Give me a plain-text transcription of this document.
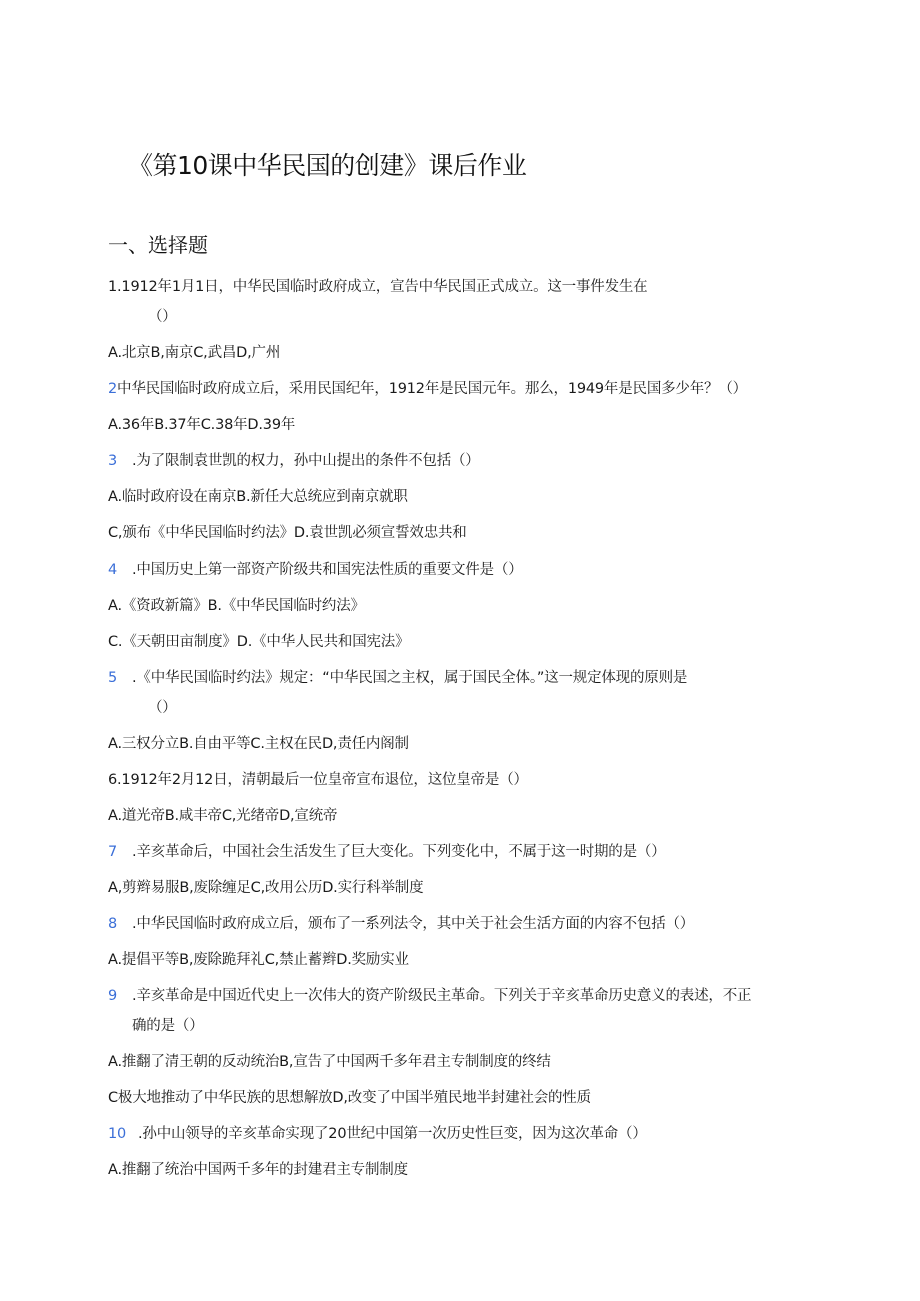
《第10课中华民国的创建》课后作业
一、选择题
1.1912年1月1日，中华民国临时政府成立，宣告中华民国正式成立。这一事件发生在
（）
A.北京B,南京C,武昌D,广州
2中华民国临时政府成立后，采用民国纪年，1912年是民国元年。那么，1949年是民国多少年？（）
A.36年B.37年C.38年D.39年
3 .为了限制袁世凯的权力，孙中山提出的条件不包括（）
A.临时政府设在南京B.新任大总统应到南京就职
C,颁布《中华民国临时约法》D.袁世凯必须宣誓效忠共和
4 .中国历史上第一部资产阶级共和国宪法性质的重要文件是（）
A.《资政新篇》B.《中华民国临时约法》
C.《天朝田亩制度》D.《中华人民共和国宪法》
5 .《中华民国临时约法》规定：“中华民国之主权，属于国民全体。”这一规定体现的原则是
（）
A.三权分立B.自由平等C.主权在民D,责任内阁制
6.1912年2月12日，清朝最后一位皇帝宣布退位，这位皇帝是（）
A.道光帝B.咸丰帝C,光绪帝D,宣统帝
7 .辛亥革命后，中国社会生活发生了巨大变化。下列变化中，不属于这一时期的是（）
A,剪辫易服B,废除缠足C,改用公历D.实行科举制度
8 .中华民国临时政府成立后，颁布了一系列法令，其中关于社会生活方面的内容不包括（）
A.提倡平等B,废除跪拜礼C,禁止蓄辫D.奖励实业
9 .辛亥革命是中国近代史上一次伟大的资产阶级民主革命。下列关于辛亥革命历史意义的表述，不正
确的是（）
A.推翻了清王朝的反动统治B,宣告了中国两千多年君主专制制度的终结
C极大地推动了中华民族的思想解放D,改变了中国半殖民地半封建社会的性质
10 .孙中山领导的辛亥革命实现了20世纪中国第一次历史性巨变，因为这次革命（）
A.推翻了统治中国两千多年的封建君主专制制度
